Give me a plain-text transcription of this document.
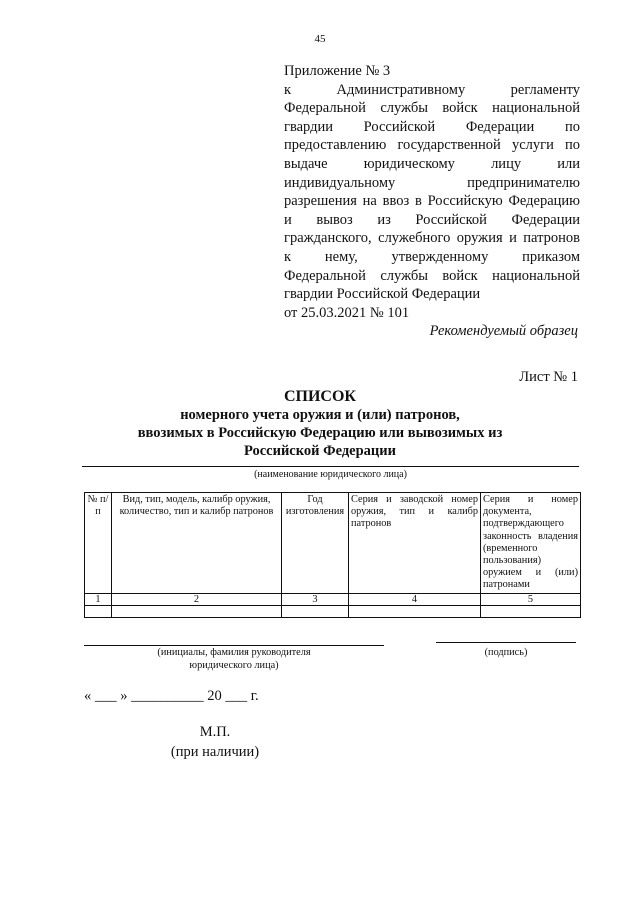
45
Приложение № 3
к Административному регламенту
Федеральной службы войск национальной
гвардии Российской Федерации по
предоставлению государственной услуги по
выдаче юридическому лицу или
индивидуальному предпринимателю
разрешения на ввоз в Российскую Федерацию
и вывоз из Российской Федерации
гражданского, служебного оружия и патронов
к нему, утвержденному приказом
Федеральной службы войск национальной
гвардии Российской Федерации
от 25.03.2021 № 101
Рекомендуемый образец
Лист № 1
СПИСОК
номерного учета оружия и (или) патронов,
ввозимых в Российскую Федерацию или вывозимых из
Российской Федерации
(наименование юридического лица)
№ п/п	Вид, тип, модель, калибр оружия, количество, тип и калибр патронов	Год изготовления	Серия и заводской номер оружия, тип и калибр патронов	Серия и номер документа, подтверждающего законность владения (временного пользования) оружием и (или) патронами
1	2	3	4	5

(инициалы, фамилия руководителя
юридического лица)
(подпись)
« ___ » __________ 20 ___ г.
М.П.
(при наличии)
